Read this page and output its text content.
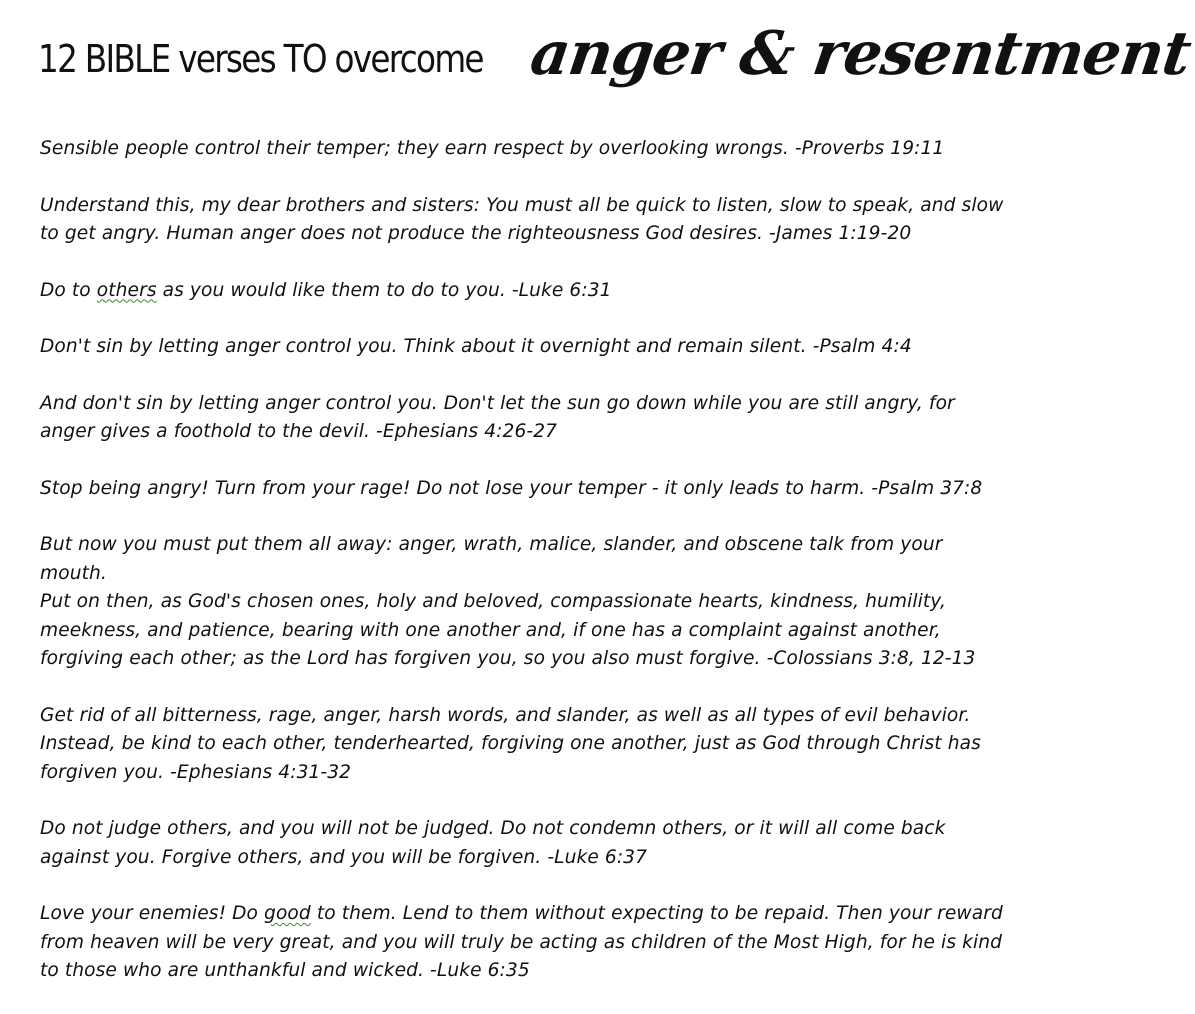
12 BIBLE verses TO overcome anger & resentment

Sensible people control their temper; they earn respect by overlooking wrongs. -Proverbs 19:11

Understand this, my dear brothers and sisters: You must all be quick to listen, slow to speak, and slow
to get angry. Human anger does not produce the righteousness God desires. -James 1:19-20

Do to others as you would like them to do to you. -Luke 6:31

Don't sin by letting anger control you. Think about it overnight and remain silent. -Psalm 4:4

And don't sin by letting anger control you. Don't let the sun go down while you are still angry, for
anger gives a foothold to the devil. -Ephesians 4:26-27

Stop being angry! Turn from your rage! Do not lose your temper - it only leads to harm. -Psalm 37:8

But now you must put them all away: anger, wrath, malice, slander, and obscene talk from your
mouth.
Put on then, as God's chosen ones, holy and beloved, compassionate hearts, kindness, humility,
meekness, and patience, bearing with one another and, if one has a complaint against another,
forgiving each other; as the Lord has forgiven you, so you also must forgive. -Colossians 3:8, 12-13

Get rid of all bitterness, rage, anger, harsh words, and slander, as well as all types of evil behavior.
Instead, be kind to each other, tenderhearted, forgiving one another, just as God through Christ has
forgiven you. -Ephesians 4:31-32

Do not judge others, and you will not be judged. Do not condemn others, or it will all come back
against you. Forgive others, and you will be forgiven. -Luke 6:37

Love your enemies! Do good to them. Lend to them without expecting to be repaid. Then your reward
from heaven will be very great, and you will truly be acting as children of the Most High, for he is kind
to those who are unthankful and wicked. -Luke 6:35
